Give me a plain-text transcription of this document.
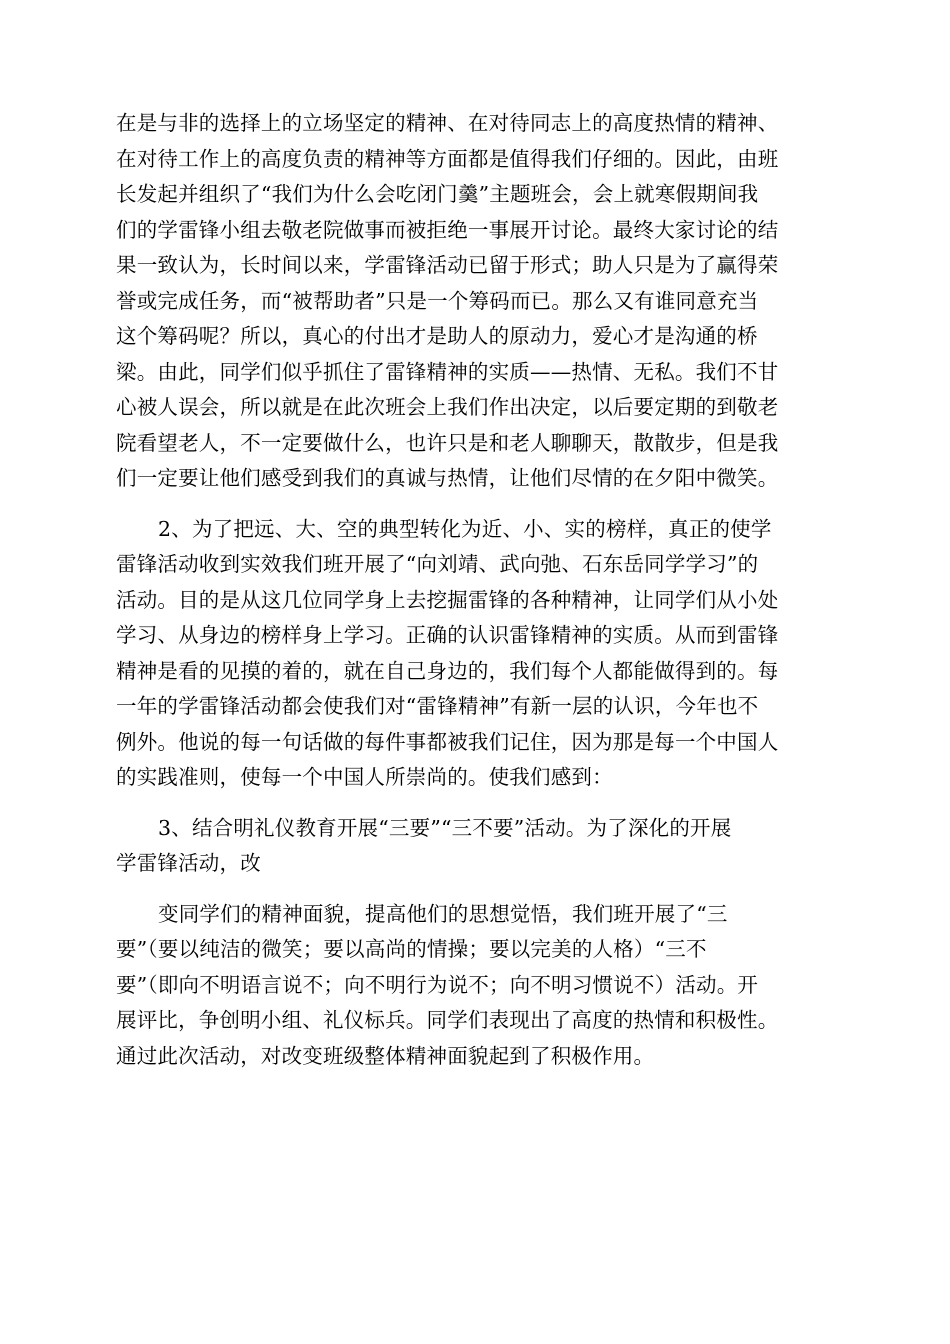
在是与非的选择上的立场坚定的精神、在对待同志上的高度热情的精神、
在对待工作上的高度负责的精神等方面都是值得我们仔细的。因此，由班
长发起并组织了“我们为什么会吃闭门羹”主题班会，会上就寒假期间我
们的学雷锋小组去敬老院做事而被拒绝一事展开讨论。最终大家讨论的结
果一致认为，长时间以来，学雷锋活动已留于形式；助人只是为了赢得荣
誉或完成任务，而“被帮助者”只是一个筹码而已。那么又有谁同意充当
这个筹码呢？所以，真心的付出才是助人的原动力，爱心才是沟通的桥
梁。由此，同学们似乎抓住了雷锋精神的实质——热情、无私。我们不甘
心被人误会，所以就是在此次班会上我们作出决定，以后要定期的到敬老
院看望老人，不一定要做什么，也许只是和老人聊聊天，散散步，但是我
们一定要让他们感受到我们的真诚与热情，让他们尽情的在夕阳中微笑。
2、为了把远、大、空的典型转化为近、小、实的榜样，真正的使学
雷锋活动收到实效我们班开展了“向刘靖、武向弛、石东岳同学学习”的
活动。目的是从这几位同学身上去挖掘雷锋的各种精神，让同学们从小处
学习、从身边的榜样身上学习。正确的认识雷锋精神的实质。从而到雷锋
精神是看的见摸的着的，就在自己身边的，我们每个人都能做得到的。每
一年的学雷锋活动都会使我们对“雷锋精神”有新一层的认识，今年也不
例外。他说的每一句话做的每件事都被我们记住，因为那是每一个中国人
的实践准则，使每一个中国人所崇尚的。使我们感到：
3、结合明礼仪教育开展“三要”“三不要”活动。为了深化的开展
学雷锋活动，改
变同学们的精神面貌，提高他们的思想觉悟，我们班开展了“三
要”（要以纯洁的微笑；要以高尚的情操；要以完美的人格）“三不
要”（即向不明语言说不；向不明行为说不；向不明习惯说不）活动。开
展评比，争创明小组、礼仪标兵。同学们表现出了高度的热情和积极性。
通过此次活动，对改变班级整体精神面貌起到了积极作用。
